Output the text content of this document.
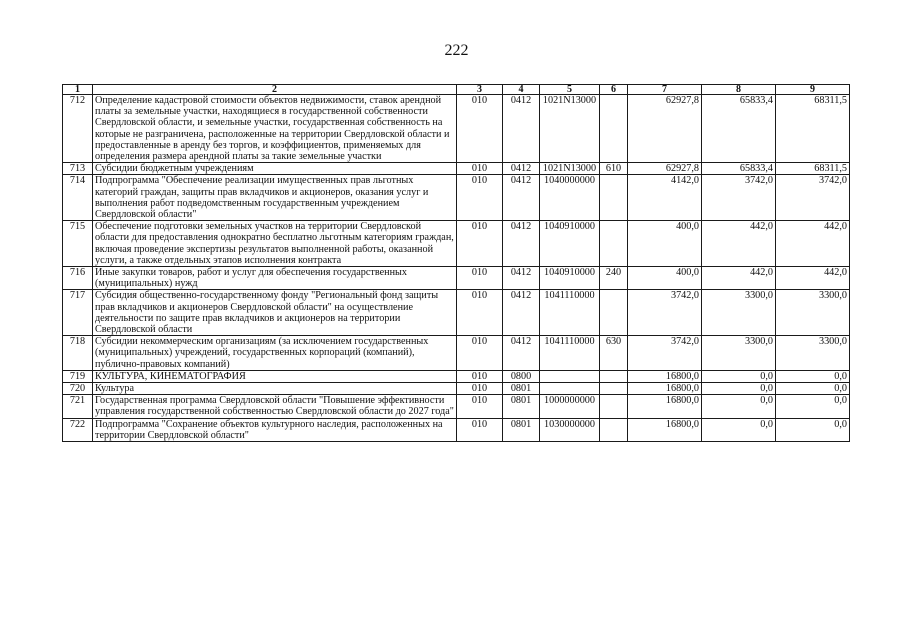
222
1	2	3	4	5	6	7	8	9
712	Определение кадастровой стоимости объектов недвижимости, ставок арендной платы за земельные участки, находящиеся в государственной собственности Свердловской области, и земельные участки, государственная собственность на которые не разграничена, расположенные на территории Свердловской области и предоставленные в аренду без торгов, и коэффициентов, применяемых для определения размера арендной платы за такие земельные участки	010	0412	1021N13000		62927,8	65833,4	68311,5
713	Субсидии бюджетным учреждениям	010	0412	1021N13000	610	62927,8	65833,4	68311,5
714	Подпрограмма "Обеспечение реализации имущественных прав льготных категорий граждан, защиты прав вкладчиков и акционеров, оказания услуг и выполнения работ подведомственным государственным учреждением Свердловской области"	010	0412	1040000000		4142,0	3742,0	3742,0
715	Обеспечение подготовки земельных участков на территории Свердловской области для предоставления однократно бесплатно льготным категориям граждан, включая проведение экспертизы результатов выполненной работы, оказанной услуги, а также отдельных этапов исполнения контракта	010	0412	1040910000		400,0	442,0	442,0
716	Иные закупки товаров, работ и услуг для обеспечения государственных (муниципальных) нужд	010	0412	1040910000	240	400,0	442,0	442,0
717	Субсидия общественно-государственному фонду "Региональный фонд защиты прав вкладчиков и акционеров Свердловской области" на осуществление деятельности по защите прав вкладчиков и акционеров на территории Свердловской области	010	0412	1041110000		3742,0	3300,0	3300,0
718	Субсидии некоммерческим организациям (за исключением государственных (муниципальных) учреждений, государственных корпораций (компаний), публично-правовых компаний)	010	0412	1041110000	630	3742,0	3300,0	3300,0
719	КУЛЬТУРА, КИНЕМАТОГРАФИЯ	010	0800			16800,0	0,0	0,0
720	Культура	010	0801			16800,0	0,0	0,0
721	Государственная программа Свердловской области "Повышение эффективности управления государственной собственностью Свердловской области до 2027 года"	010	0801	1000000000		16800,0	0,0	0,0
722	Подпрограмма "Сохранение объектов культурного наследия, расположенных на территории Свердловской области"	010	0801	1030000000		16800,0	0,0	0,0
